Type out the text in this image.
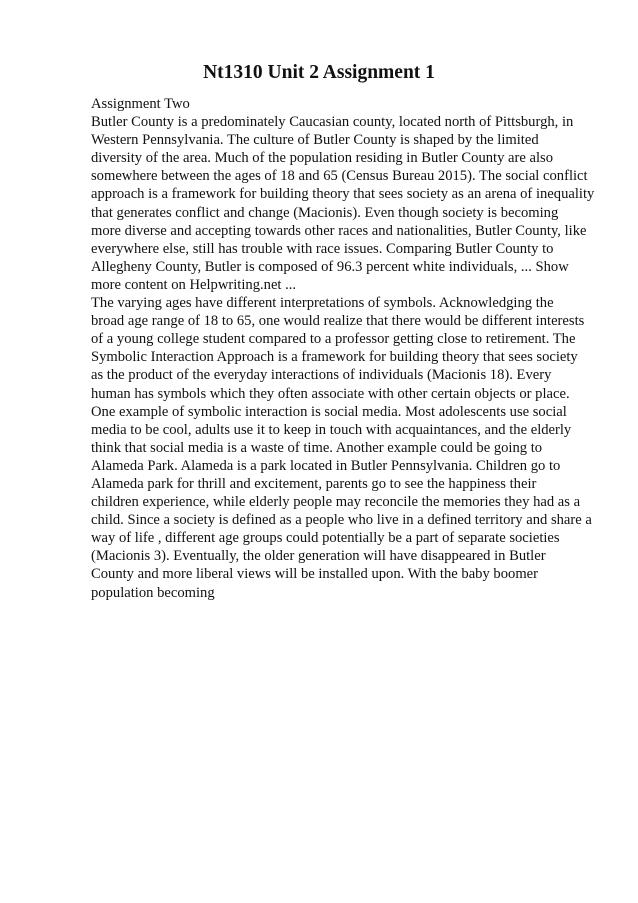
Nt1310 Unit 2 Assignment 1
Assignment Two
Butler County is a predominately Caucasian county, located north of Pittsburgh, in
Western Pennsylvania. The culture of Butler County is shaped by the limited
diversity of the area. Much of the population residing in Butler County are also
somewhere between the ages of 18 and 65 (Census Bureau 2015). The social conflict
approach is a framework for building theory that sees society as an arena of inequality
that generates conflict and change (Macionis). Even though society is becoming
more diverse and accepting towards other races and nationalities, Butler County, like
everywhere else, still has trouble with race issues. Comparing Butler County to
Allegheny County, Butler is composed of 96.3 percent white individuals, ... Show
more content on Helpwriting.net ...
The varying ages have different interpretations of symbols. Acknowledging the
broad age range of 18 to 65, one would realize that there would be different interests
of a young college student compared to a professor getting close to retirement. The
Symbolic Interaction Approach is a framework for building theory that sees society
as the product of the everyday interactions of individuals (Macionis 18). Every
human has symbols which they often associate with other certain objects or place.
One example of symbolic interaction is social media. Most adolescents use social
media to be cool, adults use it to keep in touch with acquaintances, and the elderly
think that social media is a waste of time. Another example could be going to
Alameda Park. Alameda is a park located in Butler Pennsylvania. Children go to
Alameda park for thrill and excitement, parents go to see the happiness their
children experience, while elderly people may reconcile the memories they had as a
child. Since a society is defined as a people who live in a defined territory and share a
way of life , different age groups could potentially be a part of separate societies
(Macionis 3). Eventually, the older generation will have disappeared in Butler
County and more liberal views will be installed upon. With the baby boomer
population becoming
